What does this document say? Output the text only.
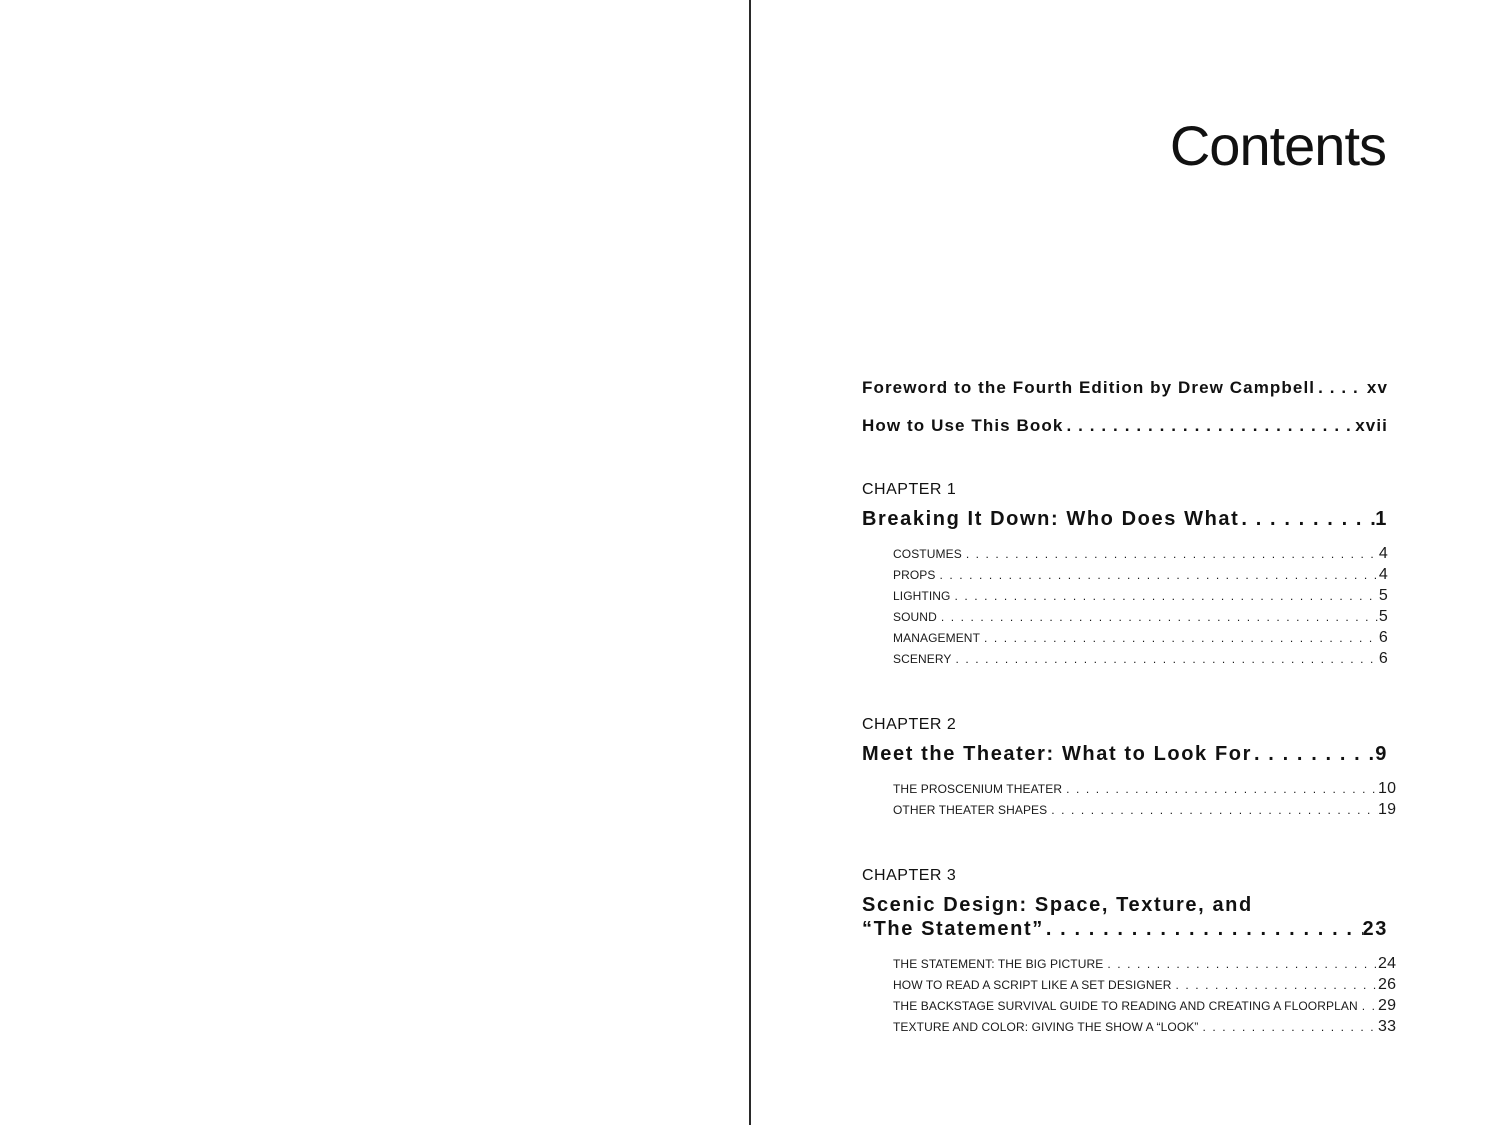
Contents
Foreword to the Fourth Edition by Drew Campbell . . .	xv
How to Use This Book . . .	xvii
CHAPTER 1
Breaking It Down: Who Does What . . .	1
COSTUMES . . .	4
PROPS . . .	4
LIGHTING . . .	5
SOUND . . .	5
MANAGEMENT . . .	6
SCENERY . . .	6
CHAPTER 2
Meet the Theater: What to Look For . . .	9
THE PROSCENIUM THEATER . . .	10
OTHER THEATER SHAPES . . .	19
CHAPTER 3
Scenic Design: Space, Texture, and
“The Statement” . . .	23
THE STATEMENT: THE BIG PICTURE . . .	24
HOW TO READ A SCRIPT LIKE A SET DESIGNER . . .	26
THE BACKSTAGE SURVIVAL GUIDE TO READING AND CREATING A FLOORPLAN . . . 29
TEXTURE AND COLOR: GIVING THE SHOW A “LOOK” . . .	33
